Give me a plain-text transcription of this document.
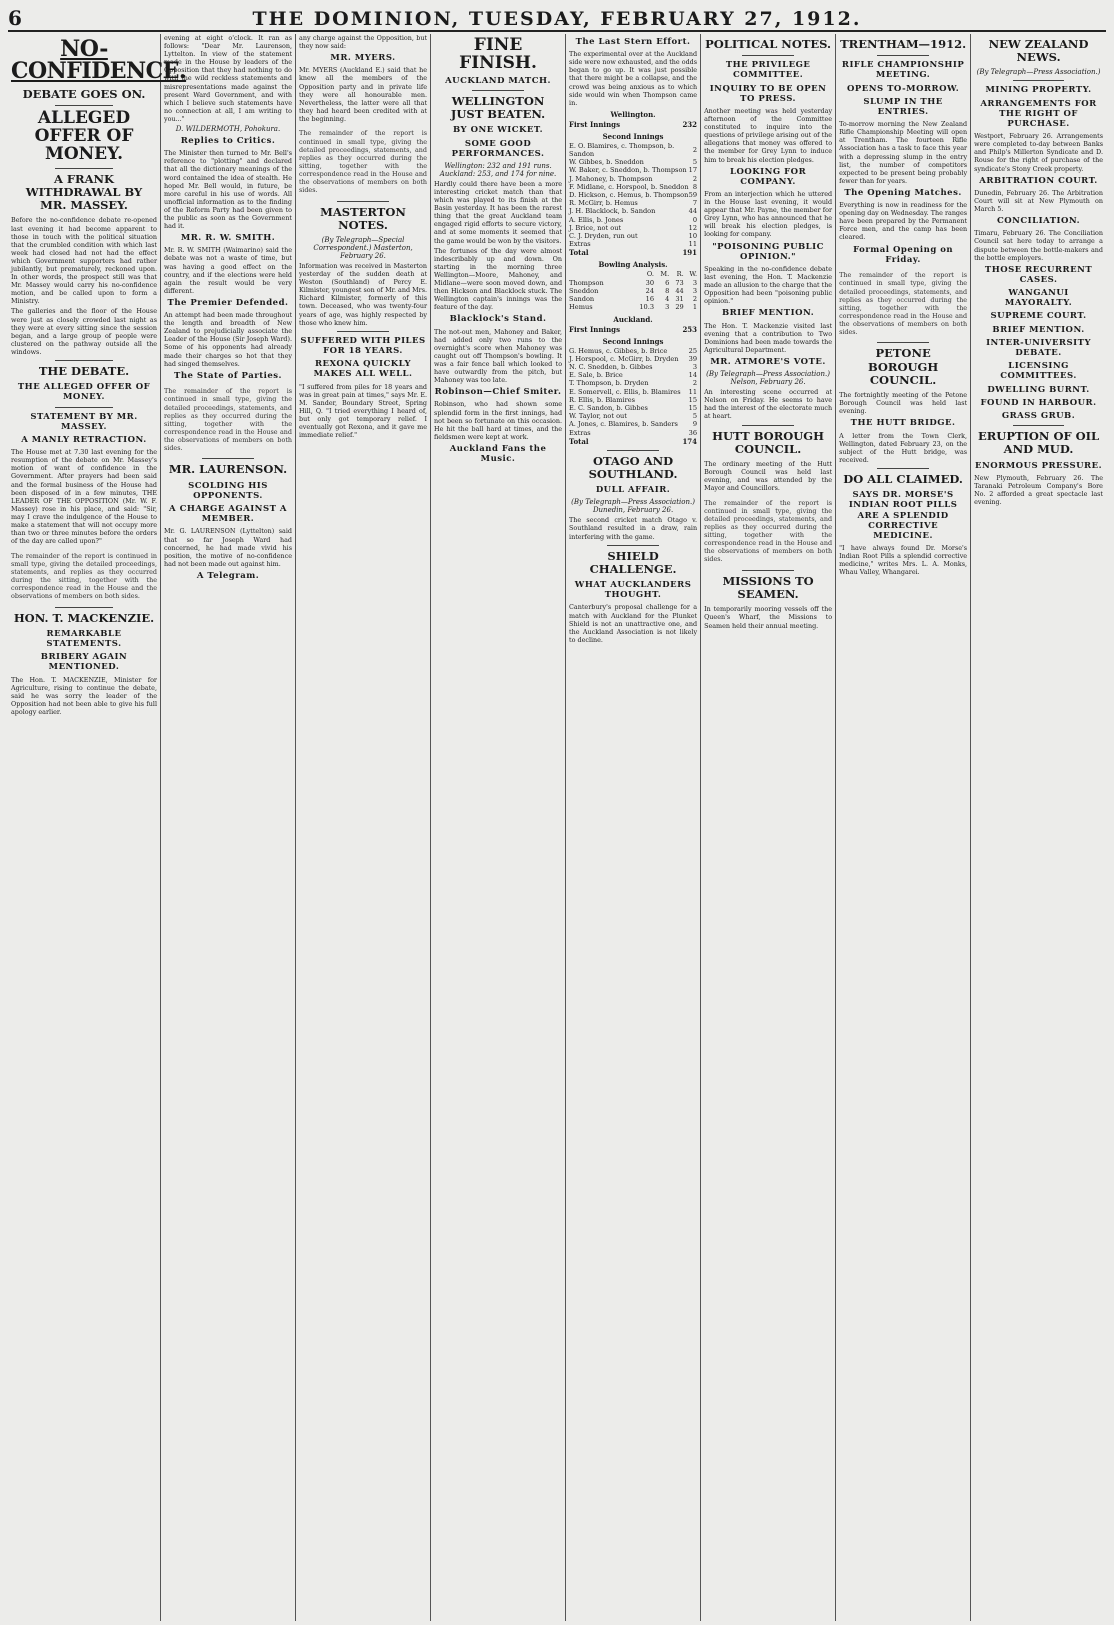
6	THE DOMINION, TUESDAY, FEBRUARY 27, 1912.
NO-CONFIDENCE.
DEBATE GOES ON.
ALLEGED OFFER OF MONEY.
A FRANK WITHDRAWAL BY MR. MASSEY.

Before the no-confidence debate re-opened last evening it had become apparent to those in touch with the political situation that the crumbled condition with which last week had closed had not had the effect which Government supporters had rather jubilantly, but prematurely, reckoned upon. In other words, the prospect still was that Mr. Massey would carry his no-confidence motion, and be called upon to form a Ministry.

The galleries and the floor of the House were just as closely crowded last night as they were at every sitting since the session began, and a large group of people were clustered on the pathway outside all the windows.

THE DEBATE.
THE ALLEGED OFFER OF MONEY.
STATEMENT BY MR. MASSEY.
A MANLY RETRACTION.

The House met at 7.30 last evening for the resumption of the debate on Mr. Massey's motion of want of confidence in the Government. After prayers had been said and the formal business of the House had been disposed of in a few minutes, THE LEADER OF THE OPPOSITION (Mr. W. F. Massey) rose in his place, and said: "Sir, may I crave the indulgence of the House to make a statement that will not occupy more than two or three minutes before the orders of the day are called upon?"

The remainder of the report is continued in small type, giving the detailed proceedings, statements, and replies as they occurred during the sitting, together with the correspondence read in the House and the observations of members on both sides.

HON. T. MACKENZIE.
REMARKABLE STATEMENTS.
BRIBERY AGAIN MENTIONED.

The Hon. T. MACKENZIE, Minister for Agriculture, rising to continue the debate, said he was sorry the leader of the Opposition had not been able to give his full apology earlier.

evening at eight o'clock. It ran as follows: "Dear Mr. Laurenson, Lyttelton. In view of the statement made in the House by leaders of the Opposition that they had nothing to do with the wild reckless statements and misrepresentations made against the present Ward Government, and with which I believe such statements have no connection at all, I am writing to you..."

D. WILDERMOTH, Pohokura.
Replies to Critics.

The Minister then turned to Mr. Bell's reference to "plotting" and declared that all the dictionary meanings of the word contained the idea of stealth. He hoped Mr. Bell would, in future, be more careful in his use of words. All unofficial information as to the finding of the Reform Party had been given to the public as soon as the Government had it.

MR. R. W. SMITH.

Mr. R. W. SMITH (Waimarino) said the debate was not a waste of time, but was having a good effect on the country, and if the elections were held again the result would be very different.

The Premier Defended.

An attempt had been made throughout the length and breadth of New Zealand to prejudicially associate the Leader of the House (Sir Joseph Ward). Some of his opponents had already made their charges so hot that they had singed themselves.

The State of Parties.

The remainder of the report is continued in small type, giving the detailed proceedings, statements, and replies as they occurred during the sitting, together with the correspondence read in the House and the observations of members on both sides.

MR. LAURENSON.
SCOLDING HIS OPPONENTS.
A CHARGE AGAINST A MEMBER.

Mr. G. LAURENSON (Lyttelton) said that so far Joseph Ward had concerned, he had made vivid his position, the motive of no-confidence had not been made out against him.

A Telegram.

any charge against the Opposition, but they now said:

MR. MYERS.

Mr. MYERS (Auckland E.) said that he knew all the members of the Opposition party and in private life they were all honourable men. Nevertheless, the latter were all that they had heard been credited with at the beginning.

The remainder of the report is continued in small type, giving the detailed proceedings, statements, and replies as they occurred during the sitting, together with the correspondence read in the House and the observations of members on both sides.

MASTERTON NOTES.
(By Telegraph—Special Correspondent.) Masterton, February 26.

Information was received in Masterton yesterday of the sudden death at Weston (Southland) of Percy E. Kilmister, youngest son of Mr. and Mrs. Richard Kilmister, formerly of this town. Deceased, who was twenty-four years of age, was highly respected by those who knew him.

SUFFERED WITH PILES FOR 18 YEARS.
REXONA QUICKLY MAKES ALL WELL.

"I suffered from piles for 18 years and was in great pain at times," says Mr. E. M. Sander, Boundary Street, Spring Hill, Q. "I tried everything I heard of, but only got temporary relief. I eventually got Rexona, and it gave me immediate relief."

FINE FINISH.
AUCKLAND MATCH.
WELLINGTON JUST BEATEN.
BY ONE WICKET.
SOME GOOD PERFORMANCES.
Wellington: 232 and 191 runs. Auckland: 253, and 174 for nine.

Hardly could there have been a more interesting cricket match than that which was played to its finish at the Basin yesterday. It has been the rarest thing that the great Auckland team engaged rigid efforts to secure victory, and at some moments it seemed that the game would be won by the visitors.

The fortunes of the day were almost indescribably up and down. On starting in the morning three Wellington—Moore, Mahoney, and Midlane—were soon moved down, and then Hickson and Blacklock stuck. The Wellington captain's innings was the feature of the day.

Blacklock's Stand.

The not-out men, Mahoney and Baker, had added only two runs to the overnight's score when Mahoney was caught out off Thompson's bowling. It was a fair fence ball which looked to have outwardly from the pitch, but Mahoney was too late.

Robinson—Chief Smiter.

Robinson, who had shown some splendid form in the first innings, had not been so fortunate on this occasion. He hit the ball hard at times, and the fieldsmen were kept at work.

Auckland Fans the Music.
The Last Stern Effort.

The experimental over at the Auckland side were now exhausted, and the odds began to go up. It was just possible that there might be a collapse, and the crowd was being anxious as to which side would win when Thompson came in.

Wellington.
First Innings	232
Second Innings
E. O. Blamires, c. Thompson, b. Sandon	2
W. Gibbes, b. Sneddon	5
W. Baker, c. Sneddon, b. Thompson	17
J. Mahoney, b. Thompson	2
F. Midlane, c. Horspool, b. Sneddon	8
D. Hickson, c. Hemus, b. Thompson	59
R. McGirr, b. Hemus	7
J. H. Blacklock, b. Sandon	44
A. Ellis, b. Jones	0
J. Brice, not out	12
C. J. Dryden, run out	10
Extras	11
Total	191
Bowling Analysis.
	O.	M.	R.	W.
Thompson	30	6	73	3
Sneddon	24	8	44	3
Sandon	16	4	31	2
Hemus	10.3	3	29	1
Auckland.
First Innings	253
Second Innings
G. Hemus, c. Gibbes, b. Brice	25
J. Horspool, c. McGirr, b. Dryden	39
N. C. Snedden, b. Gibbes	3
E. Sale, b. Brice	14
T. Thompson, b. Dryden	2
E. Somervell, c. Ellis, b. Blamires	11
R. Ellis, b. Blamires	15
E. C. Sandon, b. Gibbes	15
W. Taylor, not out	5
A. Jones, c. Blamires, b. Sanders	9
Extras	36
Total	174
OTAGO AND SOUTHLAND.
DULL AFFAIR.
(By Telegraph—Press Association.) Dunedin, February 26.

The second cricket match Otago v. Southland resulted in a draw, rain interfering with the game.

SHIELD CHALLENGE.
WHAT AUCKLANDERS THOUGHT.

Canterbury's proposal challenge for a match with Auckland for the Plunket Shield is not an unattractive one, and the Auckland Association is not likely to decline.

POLITICAL NOTES.
THE PRIVILEGE COMMITTEE.
INQUIRY TO BE OPEN TO PRESS.

Another meeting was held yesterday afternoon of the Committee constituted to inquire into the questions of privilege arising out of the allegations that money was offered to the member for Grey Lynn to induce him to break his election pledges.

LOOKING FOR COMPANY.

From an interjection which he uttered in the House last evening, it would appear that Mr. Payne, the member for Grey Lynn, who has announced that he will break his election pledges, is looking for company.

"POISONING PUBLIC OPINION."

Speaking in the no-confidence debate last evening, the Hon. T. Mackenzie made an allusion to the charge that the Opposition had been "poisoning public opinion."

BRIEF MENTION.

The Hon. T. Mackenzie visited last evening that a contribution to Two Dominions had been made towards the Agricultural Department.

MR. ATMORE'S VOTE.
(By Telegraph—Press Association.) Nelson, February 26.

An interesting scene occurred at Nelson on Friday. He seems to have had the interest of the electorate much at heart.

HUTT BOROUGH COUNCIL.

The ordinary meeting of the Hutt Borough Council was held last evening, and was attended by the Mayor and Councillors.

The remainder of the report is continued in small type, giving the detailed proceedings, statements, and replies as they occurred during the sitting, together with the correspondence read in the House and the observations of members on both sides.

MISSIONS TO SEAMEN.

In temporarily mooring vessels off the Queen's Wharf, the Missions to Seamen held their annual meeting.

TRENTHAM—1912.
RIFLE CHAMPIONSHIP MEETING.
OPENS TO-MORROW.
SLUMP IN THE ENTRIES.

To-morrow morning the New Zealand Rifle Championship Meeting will open at Trentham. The fourteen Rifle Association has a task to face this year with a depressing slump in the entry list, the number of competitors expected to be present being probably fewer than for years.

The Opening Matches.

Everything is now in readiness for the opening day on Wednesday. The ranges have been prepared by the Permanent Force men, and the camp has been cleared.

Formal Opening on Friday.

The remainder of the report is continued in small type, giving the detailed proceedings, statements, and replies as they occurred during the sitting, together with the correspondence read in the House and the observations of members on both sides.

PETONE BOROUGH COUNCIL.

The fortnightly meeting of the Petone Borough Council was held last evening.

THE HUTT BRIDGE.

A letter from the Town Clerk, Wellington, dated February 23, on the subject of the Hutt bridge, was received.

DO ALL CLAIMED.
SAYS DR. MORSE'S INDIAN ROOT PILLS ARE A SPLENDID CORRECTIVE MEDICINE.

"I have always found Dr. Morse's Indian Root Pills a splendid corrective medicine," writes Mrs. L. A. Monks, Whau Valley, Whangarei.

NEW ZEALAND NEWS.
(By Telegraph—Press Association.)
MINING PROPERTY.
ARRANGEMENTS FOR THE RIGHT OF PURCHASE.

Westport, February 26. Arrangements were completed to-day between Banks and Philp's Millerton Syndicate and D. Rouse for the right of purchase of the syndicate's Stony Creek property.

ARBITRATION COURT.

Dunedin, February 26. The Arbitration Court will sit at New Plymouth on March 5.

CONCILIATION.

Timaru, February 26. The Conciliation Council sat here today to arrange a dispute between the bottle-makers and the bottle employers.

THOSE RECURRENT CASES.
WANGANUI MAYORALTY.
SUPREME COURT.
BRIEF MENTION.
INTER-UNIVERSITY DEBATE.
LICENSING COMMITTEES.
DWELLING BURNT.
FOUND IN HARBOUR.
GRASS GRUB.
ERUPTION OF OIL AND MUD.
ENORMOUS PRESSURE.

New Plymouth, February 26. The Taranaki Petroleum Company's Bore No. 2 afforded a great spectacle last evening.
